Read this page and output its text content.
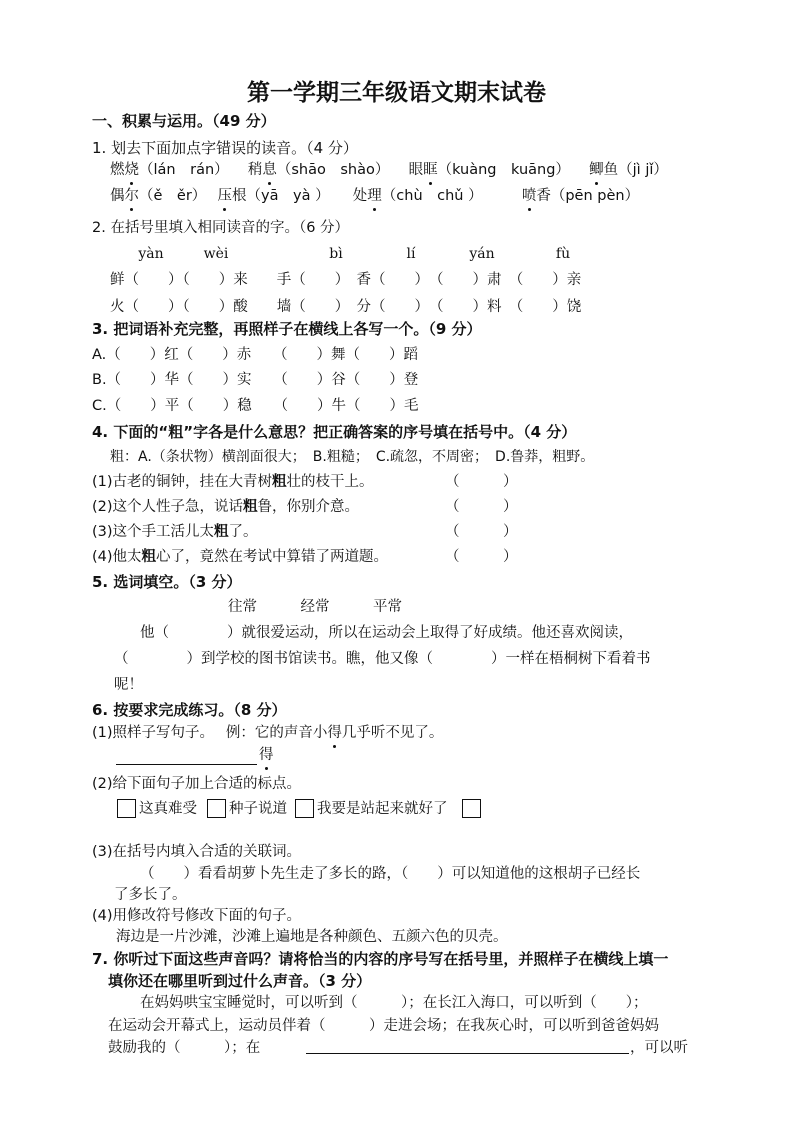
第一学期三年级语文期末试卷
一、积累与运用。（49 分）
1. 划去下面加点字错误的读音。（4 分）
燃烧（lán　rán） 稍息（shāo　shào） 眼眶（kuàng　kuāng） 鲫鱼（jì jǐ）
偶尔（ě　ěr） 压根（yā　yà ） 处理（chù　chǔ ）	喷香（pēn pèn）
2. 在括号里填入相同读音的字。（6 分）
yàn	wèi	bì	lí	yán	fù
鲜（　　）（　　）来　　手（　　）　香（　　）　（　　）肃　（　　）亲
火（　　）（　　）酸　　墙（　　）　分（　　）　（　　）料　（　　）饶
3. 把词语补充完整，再照样子在横线上各写一个。（9 分）
A.（　　）红（　　）赤　　（　　）舞（　　）蹈
B.（　　）华（　　）实　　（　　）谷（　　）登
C.（　　）平（　　）稳　　（　　）牛（　　）毛
4. 下面的“粗”字各是什么意思？把正确答案的序号填在括号中。（4 分）
粗：A.（条状物）横剖面很大；　B.粗糙；　C.疏忽，不周密；　D.鲁莽，粗野。
(1)古老的铜钟，挂在大青树粗壮的枝干上。	（　　　）
(2)这个人性子急，说话粗鲁，你别介意。	（　　　）
(3)这个手工活儿太粗了。	（　　　）
(4)他太粗心了，竟然在考试中算错了两道题。	（　　　）
5. 选词填空。（3 分）
往常　　　经常　　　平常
他（　　　　）就很爱运动，所以在运动会上取得了好成绩。他还喜欢阅读，
（　　　　）到学校的图书馆读书。瞧，他又像（　　　　）一样在梧桐树下看着书
呢！
6. 按要求完成练习。（8 分）
(1)照样子写句子。　 例：它的声音小得几乎听不见了。
得
(2)给下面句子加上合适的标点。
这真难受 种子说道 我要是站起来就好了
(3)在括号内填入合适的关联词。
（　　）看看胡萝卜先生走了多长的路，（　　）可以知道他的这根胡子已经长
了多长了。
(4)用修改符号修改下面的句子。
海边是一片沙滩，沙滩上遍地是各种颜色、五颜六色的贝壳。
7. 你听过下面这些声音吗？请将恰当的内容的序号写在括号里，并照样子在横线上填一
填你还在哪里听到过什么声音。（3 分）
在妈妈哄宝宝睡觉时，可以听到（　　　）；在长江入海口，可以听到（　　）；
在运动会开幕式上，运动员伴着（　　　）走进会场；在我灰心时，可以听到爸爸妈妈
鼓励我的（　　　）；在	，可以听
